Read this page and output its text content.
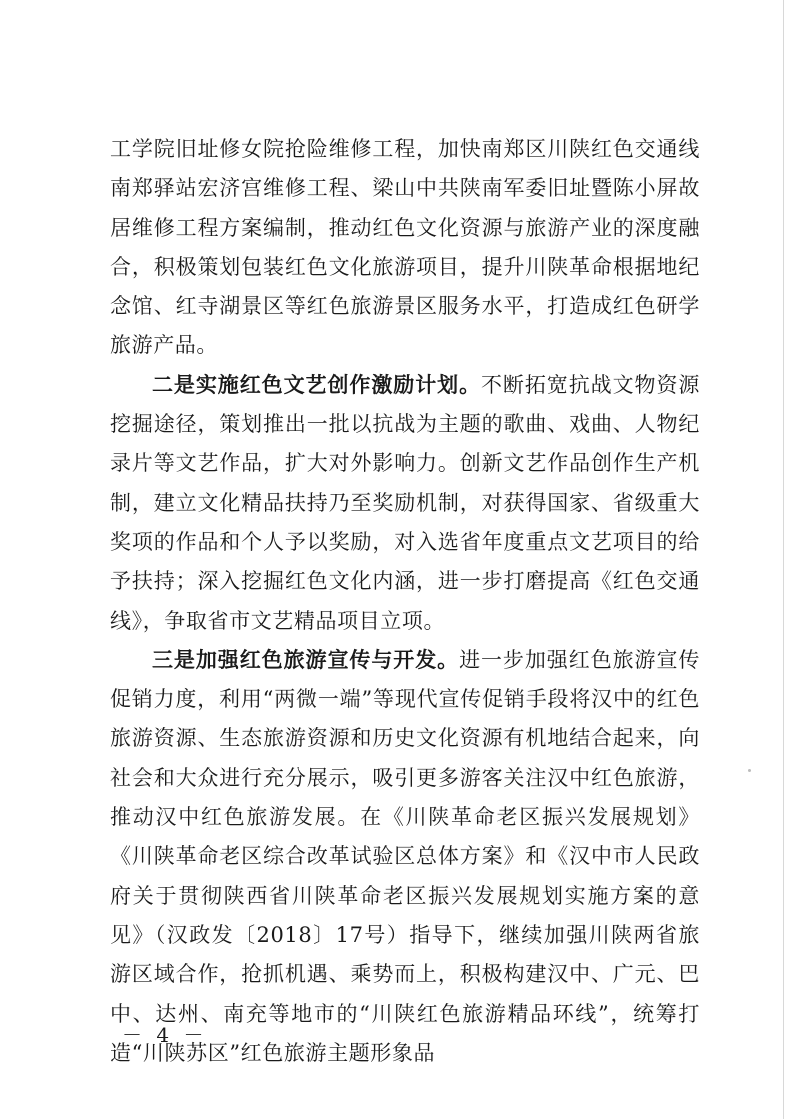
工学院旧址修女院抢险维修工程，加快南郑区川陕红色交通线南郑驿站宏济宫维修工程、梁山中共陕南军委旧址暨陈小屏故居维修工程方案编制，推动红色文化资源与旅游产业的深度融合，积极策划包装红色文化旅游项目，提升川陕革命根据地纪念馆、红寺湖景区等红色旅游景区服务水平，打造成红色研学旅游产品。

二是实施红色文艺创作激励计划。不断拓宽抗战文物资源挖掘途径，策划推出一批以抗战为主题的歌曲、戏曲、人物纪录片等文艺作品，扩大对外影响力。创新文艺作品创作生产机制，建立文化精品扶持乃至奖励机制，对获得国家、省级重大奖项的作品和个人予以奖励，对入选省年度重点文艺项目的给予扶持；深入挖掘红色文化内涵，进一步打磨提高《红色交通线》，争取省市文艺精品项目立项。

三是加强红色旅游宣传与开发。进一步加强红色旅游宣传促销力度，利用“两微一端”等现代宣传促销手段将汉中的红色旅游资源、生态旅游资源和历史文化资源有机地结合起来，向社会和大众进行充分展示，吸引更多游客关注汉中红色旅游，推动汉中红色旅游发展。在《川陕革命老区振兴发展规划》《川陕革命老区综合改革试验区总体方案》和《汉中市人民政府关于贯彻陕西省川陕革命老区振兴发展规划实施方案的意见》（汉政发〔2018〕17号）指导下，继续加强川陕两省旅游区域合作，抢抓机遇、乘势而上，积极构建汉中、广元、巴中、达州、南充等地市的“川陕红色旅游精品环线”，统筹打造“川陕苏区”红色旅游主题形象品

－ 4 －
